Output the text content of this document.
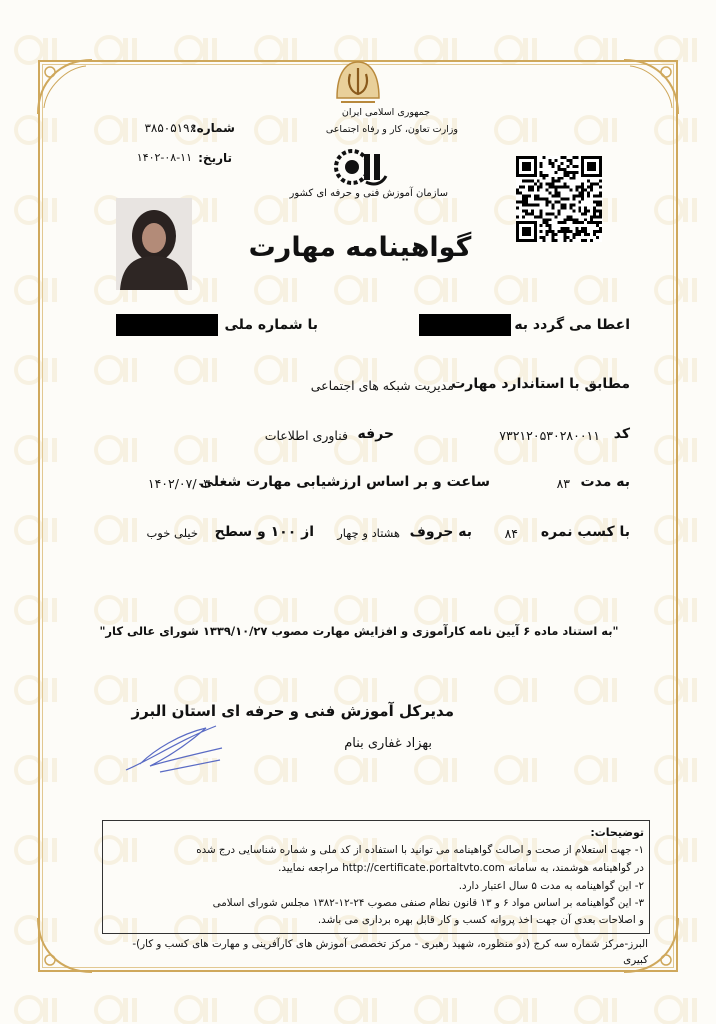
جمهوری اسلامی ایران
وزارت تعاون، کار و رفاه اجتماعی
سازمان آموزش فنی و حرفه ای کشور
شماره:
۳۸۵۰۵۱۹۶
تاریخ:
۱۴۰۲-۰۸-۱۱
گواهینامه مهارت
اعطا می گردد به
با شماره ملی
مطابق با استاندارد مهارت
مدیریت شبکه های اجتماعی
کد
۷۳۲۱۲۰۵۳۰۲۸۰۰۱۱
حرفه
فناوری اطلاعات
به مدت
۸۳
ساعت و بر اساس ارزشیابی مهارت شغلی
۱۴۰۲/۰۷/۰۳
با کسب نمره
۸۴
به حروف
هشتاد و چهار
از ۱۰۰ و سطح
خیلی خوب
"به استناد ماده ۶ آیین نامه کارآموزی و افزایش مهارت مصوب ۱۳۳۹/۱۰/۲۷ شورای عالی کار"
مدیرکل آموزش فنی و حرفه ای استان البرز
بهزاد غفاری بنام
توضیحات:
۱- جهت استعلام از صحت و اصالت گواهینامه می توانید با استفاده از کد ملی و شماره شناسایی درج شده
در گواهینامه هوشمند، به سامانه http://certificate.portaltvto.com مراجعه نمایید.
۲- این گواهینامه به مدت ۵ سال اعتبار دارد.
۳- این گواهینامه بر اساس مواد ۶ و ۱۳ قانون نظام صنفی مصوب ۲۴-۱۲-۱۳۸۲ مجلس شورای اسلامی
و اصلاحات بعدی آن جهت اخذ پروانه کسب و کار قابل بهره برداری می باشد.
البرز-مرکز شماره سه کرج (دو منظوره، شهید رهبری - مرکز تخصصی آموزش های کارآفرینی و مهارت های کسب و کار)-
کبیری
